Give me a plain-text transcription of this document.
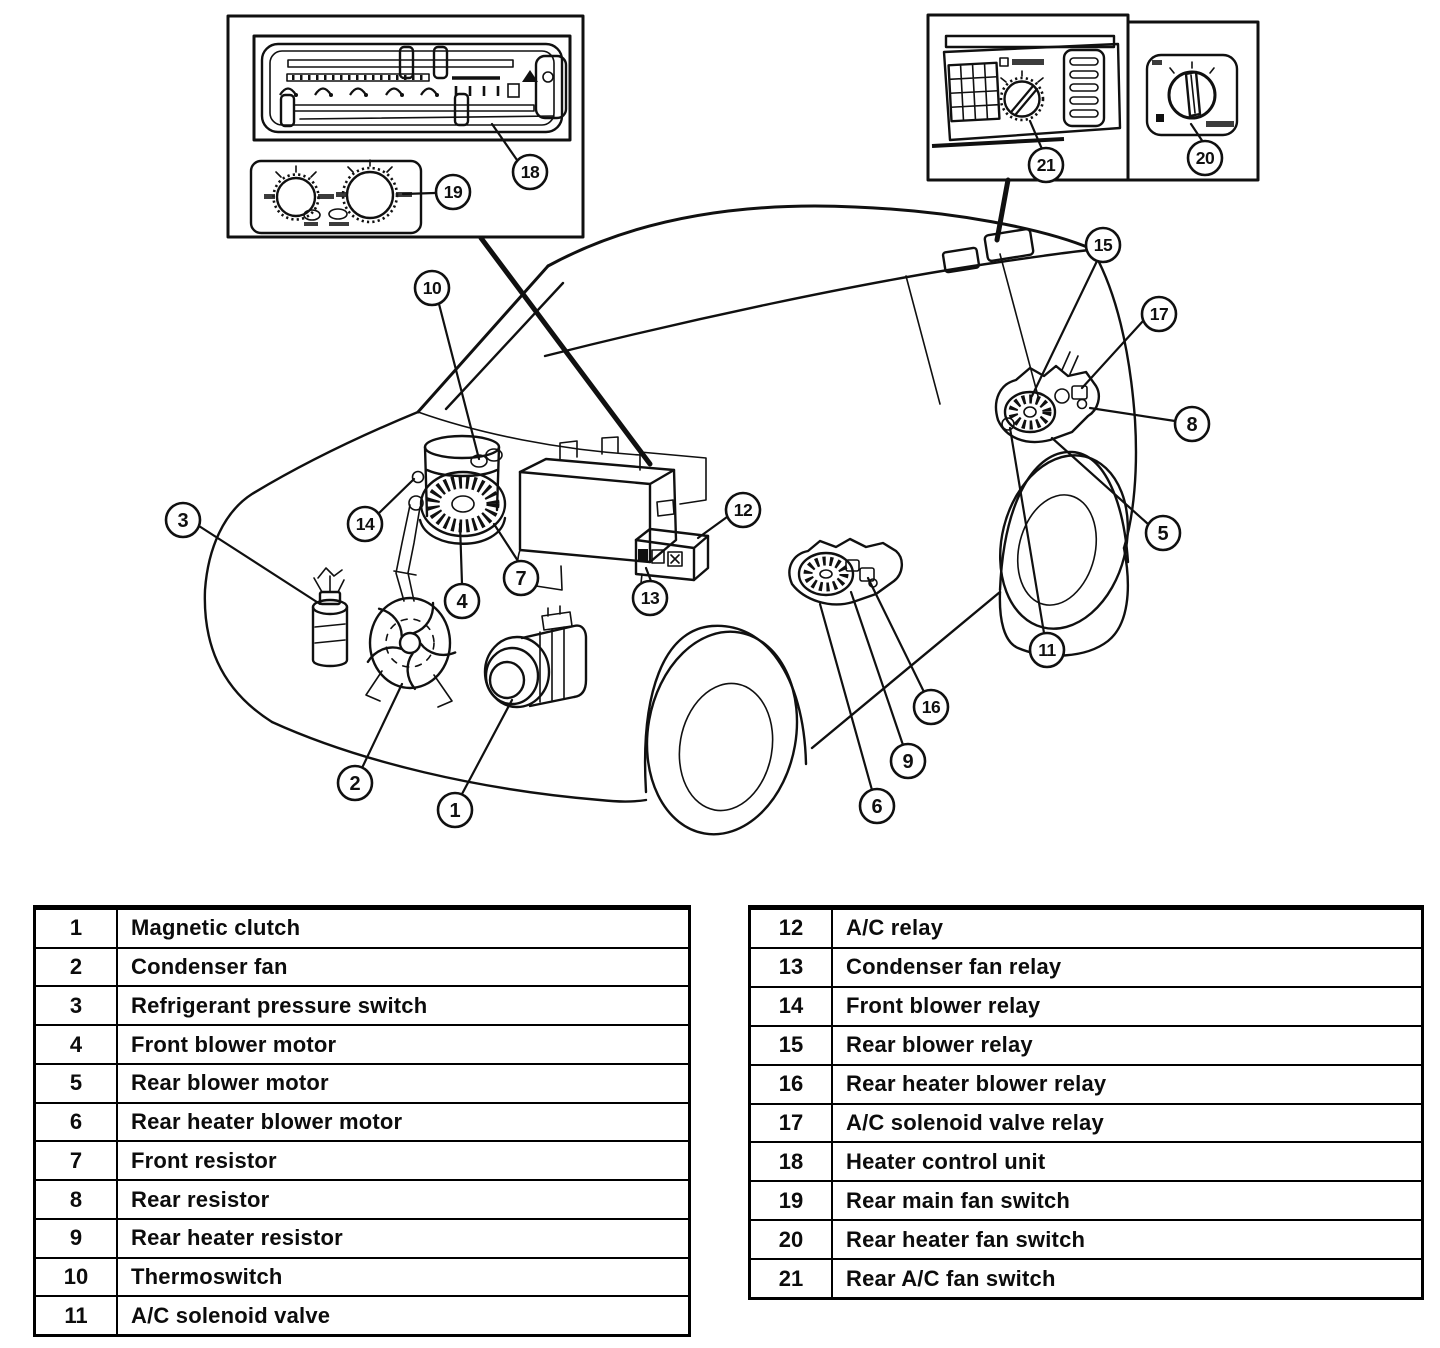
1
2
3
4
5
6
7
8
9
10
11
12
13
14
15
16
17
18
19
20
21
1	Magnetic clutch
2	Condenser fan
3	Refrigerant pressure switch
4	Front blower motor
5	Rear blower motor
6	Rear heater blower motor
7	Front resistor
8	Rear resistor
9	Rear heater resistor
10	Thermoswitch
11	A/C solenoid valve
12	A/C relay
13	Condenser fan relay
14	Front blower relay
15	Rear blower relay
16	Rear heater blower relay
17	A/C solenoid valve relay
18	Heater control unit
19	Rear main fan switch
20	Rear heater fan switch
21	Rear A/C fan switch
